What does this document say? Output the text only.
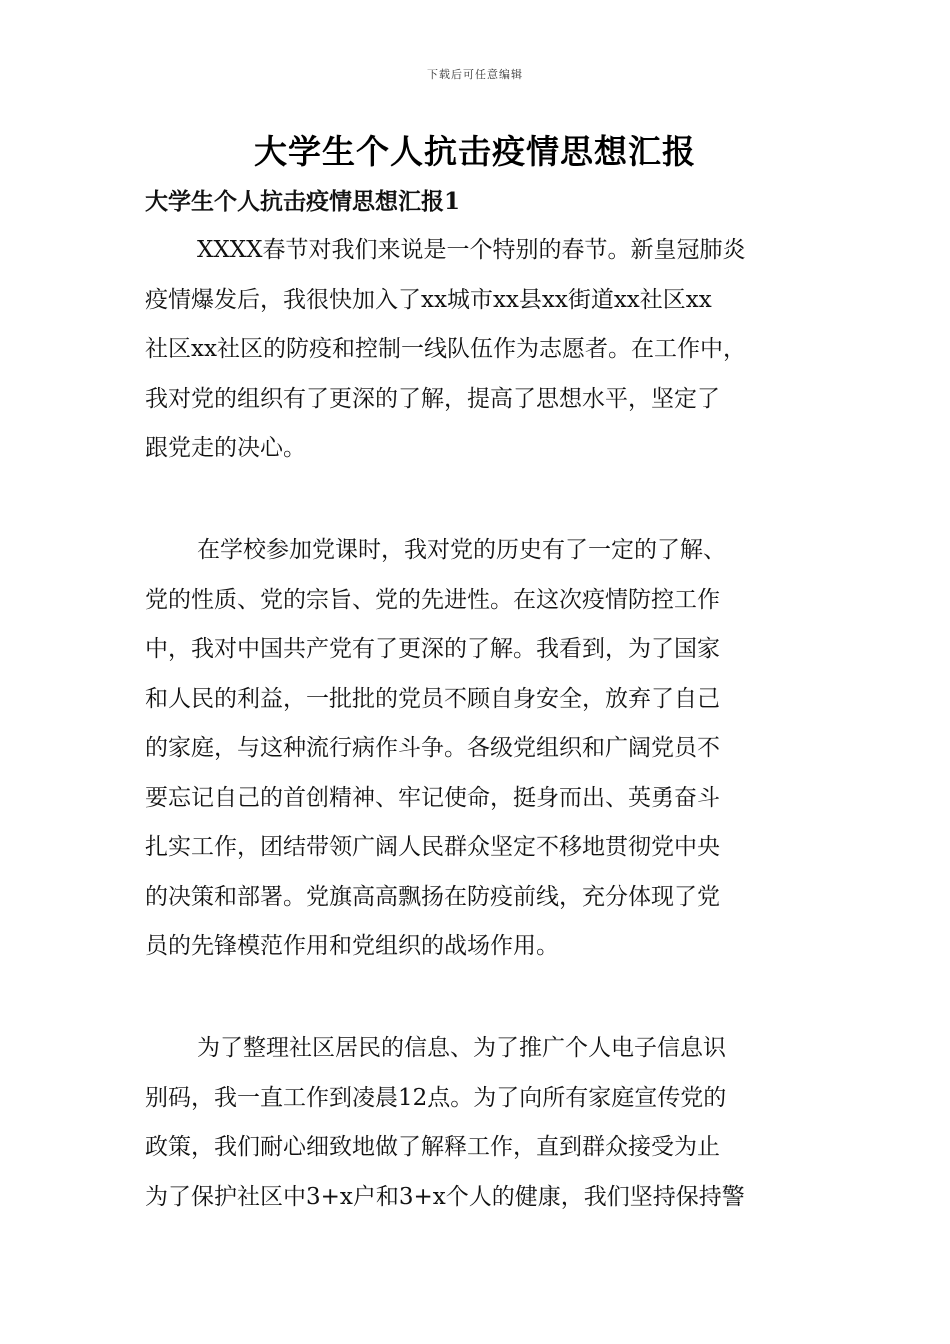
下载后可任意编辑
大学生个人抗击疫情思想汇报
大学生个人抗击疫情思想汇报1
XXXX春节对我们来说是一个特别的春节。新皇冠肺炎
疫情爆发后，我很快加入了xx城市xx县xx街道xx社区xx
社区xx社区的防疫和控制一线队伍作为志愿者。在工作中，
我对党的组织有了更深的了解，提高了思想水平，坚定了
跟党走的决心。
在学校参加党课时，我对党的历史有了一定的了解、
党的性质、党的宗旨、党的先进性。在这次疫情防控工作
中，我对中国共产党有了更深的了解。我看到，为了国家
和人民的利益，一批批的党员不顾自身安全，放弃了自己
的家庭，与这种流行病作斗争。各级党组织和广阔党员不
要忘记自己的首创精神、牢记使命，挺身而出、英勇奋斗
扎实工作，团结带领广阔人民群众坚定不移地贯彻党中央
的决策和部署。党旗高高飘扬在防疫前线，充分体现了党
员的先锋模范作用和党组织的战场作用。
为了整理社区居民的信息、为了推广个人电子信息识
别码，我一直工作到凌晨12点。为了向所有家庭宣传党的
政策，我们耐心细致地做了解释工作，直到群众接受为止
为了保护社区中3+x户和3+x个人的健康，我们坚持保持警
